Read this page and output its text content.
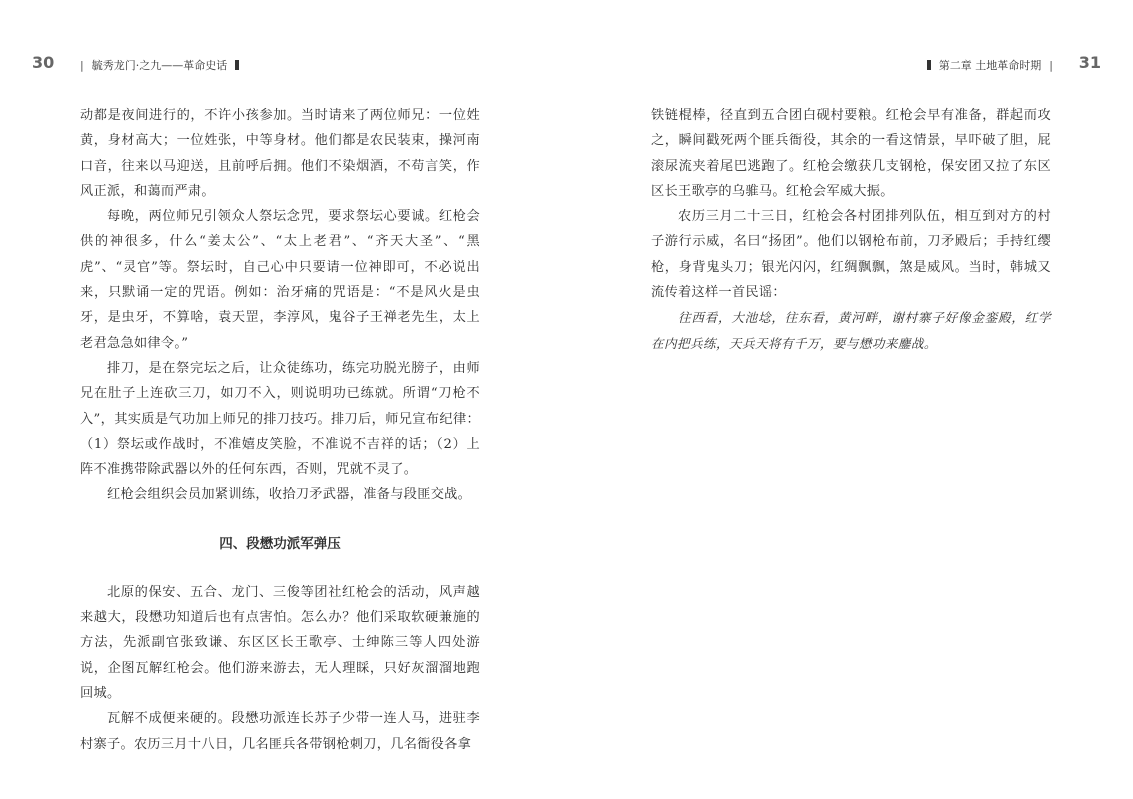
30 | 毓秀龙门·之九——革命史话

动都是夜间进行的，不许小孩参加。当时请来了两位师兄：一位姓黄，身材高大；一位姓张，中等身材。他们都是农民装束，操河南口音，往来以马迎送，且前呼后拥。他们不染烟酒，不苟言笑，作风正派，和蔼而严肃。

每晚，两位师兄引领众人祭坛念咒，要求祭坛心要诚。红枪会供的神很多，什么“姜太公”、“太上老君”、“齐天大圣”、“黑虎”、“灵官”等。祭坛时，自己心中只要请一位神即可，不必说出来，只默诵一定的咒语。例如：治牙痛的咒语是：“不是风火是虫牙，是虫牙，不算啥，袁天罡，李淳风，鬼谷子王禅老先生，太上老君急急如律令。”

排刀，是在祭完坛之后，让众徒练功，练完功脱光膀子，由师兄在肚子上连砍三刀，如刀不入，则说明功已练就。所谓“刀枪不入”，其实质是气功加上师兄的排刀技巧。排刀后，师兄宣布纪律：（1）祭坛或作战时，不准嬉皮笑脸，不准说不吉祥的话；（2）上阵不准携带除武器以外的任何东西，否则，咒就不灵了。

红枪会组织会员加紧训练，收拾刀矛武器，准备与段匪交战。

四、段懋功派军弹压

北原的保安、五合、龙门、三俊等团社红枪会的活动，风声越来越大，段懋功知道后也有点害怕。怎么办？他们采取软硬兼施的方法，先派副官张致谦、东区区长王歌亭、士绅陈三等人四处游说，企图瓦解红枪会。他们游来游去，无人理睬，只好灰溜溜地跑回城。

瓦解不成便来硬的。段懋功派连长苏子少带一连人马，进驻李村寨子。农历三月十八日，几名匪兵各带钢枪刺刀，几名衙役各拿

第二章 土地革命时期 | 31

铁链棍棒，径直到五合团白砚村要粮。红枪会早有准备，群起而攻之，瞬间戳死两个匪兵衙役，其余的一看这情景，早吓破了胆，屁滚尿流夹着尾巴逃跑了。红枪会缴获几支钢枪，保安团又拉了东区区长王歌亭的乌骓马。红枪会军威大振。

农历三月二十三日，红枪会各村团排列队伍，相互到对方的村子游行示威，名曰“扬团”。他们以钢枪布前，刀矛殿后；手持红缨枪，身背鬼头刀；银光闪闪，红绸飘飘，煞是威风。当时，韩城又流传着这样一首民谣：

往西看，大池埝，往东看，黄河畔，谢村寨子好像金銮殿，红学在内把兵练，天兵天将有千万，要与懋功来鏖战。
